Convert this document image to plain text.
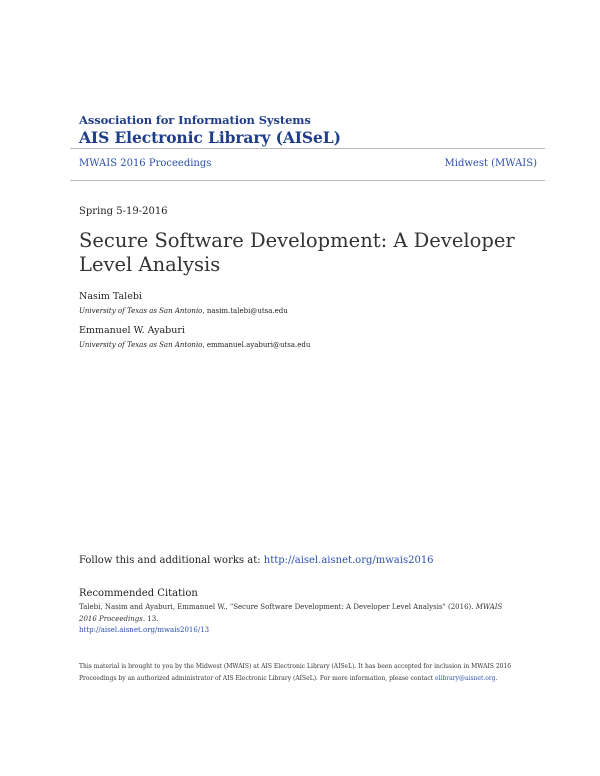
Association for Information Systems
AIS Electronic Library (AISeL)
MWAIS 2016 Proceedings	Midwest (MWAIS)
Spring 5-19-2016
Secure Software Development: A Developer Level Analysis
Nasim Talebi
University of Texas as San Antonio, nasim.talebi@utsa.edu
Emmanuel W. Ayaburi
University of Texas as San Antonio, emmanuel.ayaburi@utsa.edu
Follow this and additional works at: http://aisel.aisnet.org/mwais2016
Recommended Citation
Talebi, Nasim and Ayaburi, Emmanuel W., "Secure Software Development: A Developer Level Analysis" (2016). MWAIS 2016 Proceedings. 13.
http://aisel.aisnet.org/mwais2016/13
This material is brought to you by the Midwest (MWAIS) at AIS Electronic Library (AISeL). It has been accepted for inclusion in MWAIS 2016 Proceedings by an authorized administrator of AIS Electronic Library (AISeL). For more information, please contact elibrary@aisnet.org.
